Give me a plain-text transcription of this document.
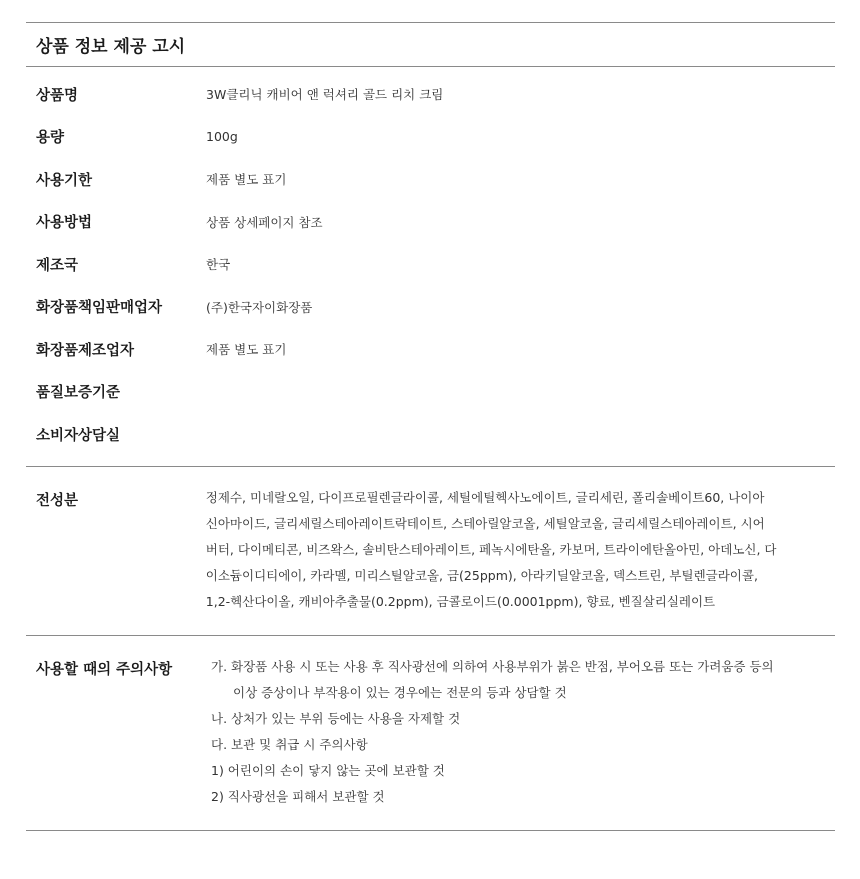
상품 정보 제공 고시
상품명	3W클리닉 캐비어 앤 럭셔리 골드 리치 크림
용량	100g
사용기한	제품 별도 표기
사용방법	상품 상세페이지 참조
제조국	한국
화장품책임판매업자	(주)한국자이화장품
화장품제조업자	제품 별도 표기
품질보증기준
소비자상담실
전성분	정제수, 미네랄오일, 다이프로필렌글라이콜, 세틸에틸헥사노에이트, 글리세린, 폴리솔베이트60, 나이아
신아마이드, 글리세릴스테아레이트락테이트, 스테아릴알코올, 세틸알코올, 글리세릴스테아레이트, 시어
버터, 다이메티콘, 비즈왁스, 솔비탄스테아레이트, 페녹시에탄올, 카보머, 트라이에탄올아민, 아데노신, 다
이소듐이디티에이, 카라멜, 미리스틸알코올, 금(25ppm), 아라키딜알코올, 덱스트린, 부틸렌글라이콜,
1,2-헥산다이올, 캐비아추출물(0.2ppm), 금콜로이드(0.0001ppm), 향료, 벤질살리실레이트
사용할 때의 주의사항	가. 화장품 사용 시 또는 사용 후 직사광선에 의하여 사용부위가 붉은 반점, 부어오름 또는 가려움증 등의
이상 증상이나 부작용이 있는 경우에는 전문의 등과 상담할 것
나. 상처가 있는 부위 등에는 사용을 자제할 것
다. 보관 및 취급 시 주의사항
1) 어린이의 손이 닿지 않는 곳에 보관할 것
2) 직사광선을 피해서 보관할 것
